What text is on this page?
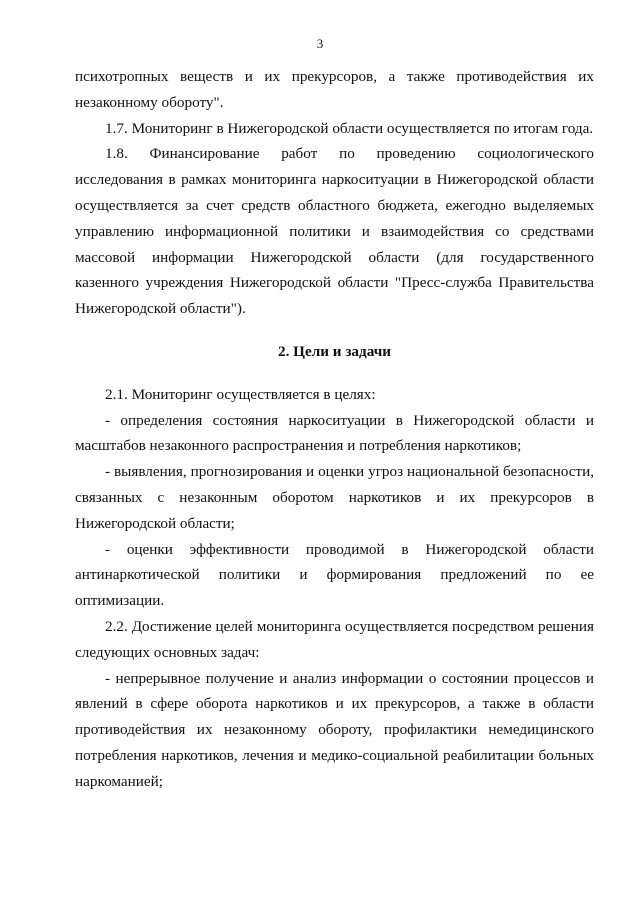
3

психотропных веществ и их прекурсоров, а также противодействия их незаконному обороту".

1.7. Мониторинг в Нижегородской области осуществляется по итогам года.

1.8. Финансирование работ по проведению социологического исследования в рамках мониторинга наркоситуации в Нижегородской области осуществляется за счет средств областного бюджета, ежегодно выделяемых управлению информационной политики и взаимодействия со средствами массовой информации Нижегородской области (для государственного казенного учреждения Нижегородской области "Пресс-служба Правительства Нижегородской области").

2. Цели и задачи

2.1. Мониторинг осуществляется в целях:

- определения состояния наркоситуации в Нижегородской области и масштабов незаконного распространения и потребления наркотиков;

- выявления, прогнозирования и оценки угроз национальной безопасности, связанных с незаконным оборотом наркотиков и их прекурсоров в Нижегородской области;

- оценки эффективности проводимой в Нижегородской области антинаркотической политики и формирования предложений по ее оптимизации.

2.2. Достижение целей мониторинга осуществляется посредством решения следующих основных задач:

- непрерывное получение и анализ информации о состоянии процессов и явлений в сфере оборота наркотиков и их прекурсоров, а также в области противодействия их незаконному обороту, профилактики немедицинского потребления наркотиков, лечения и медико-социальной реабилитации больных наркоманией;
